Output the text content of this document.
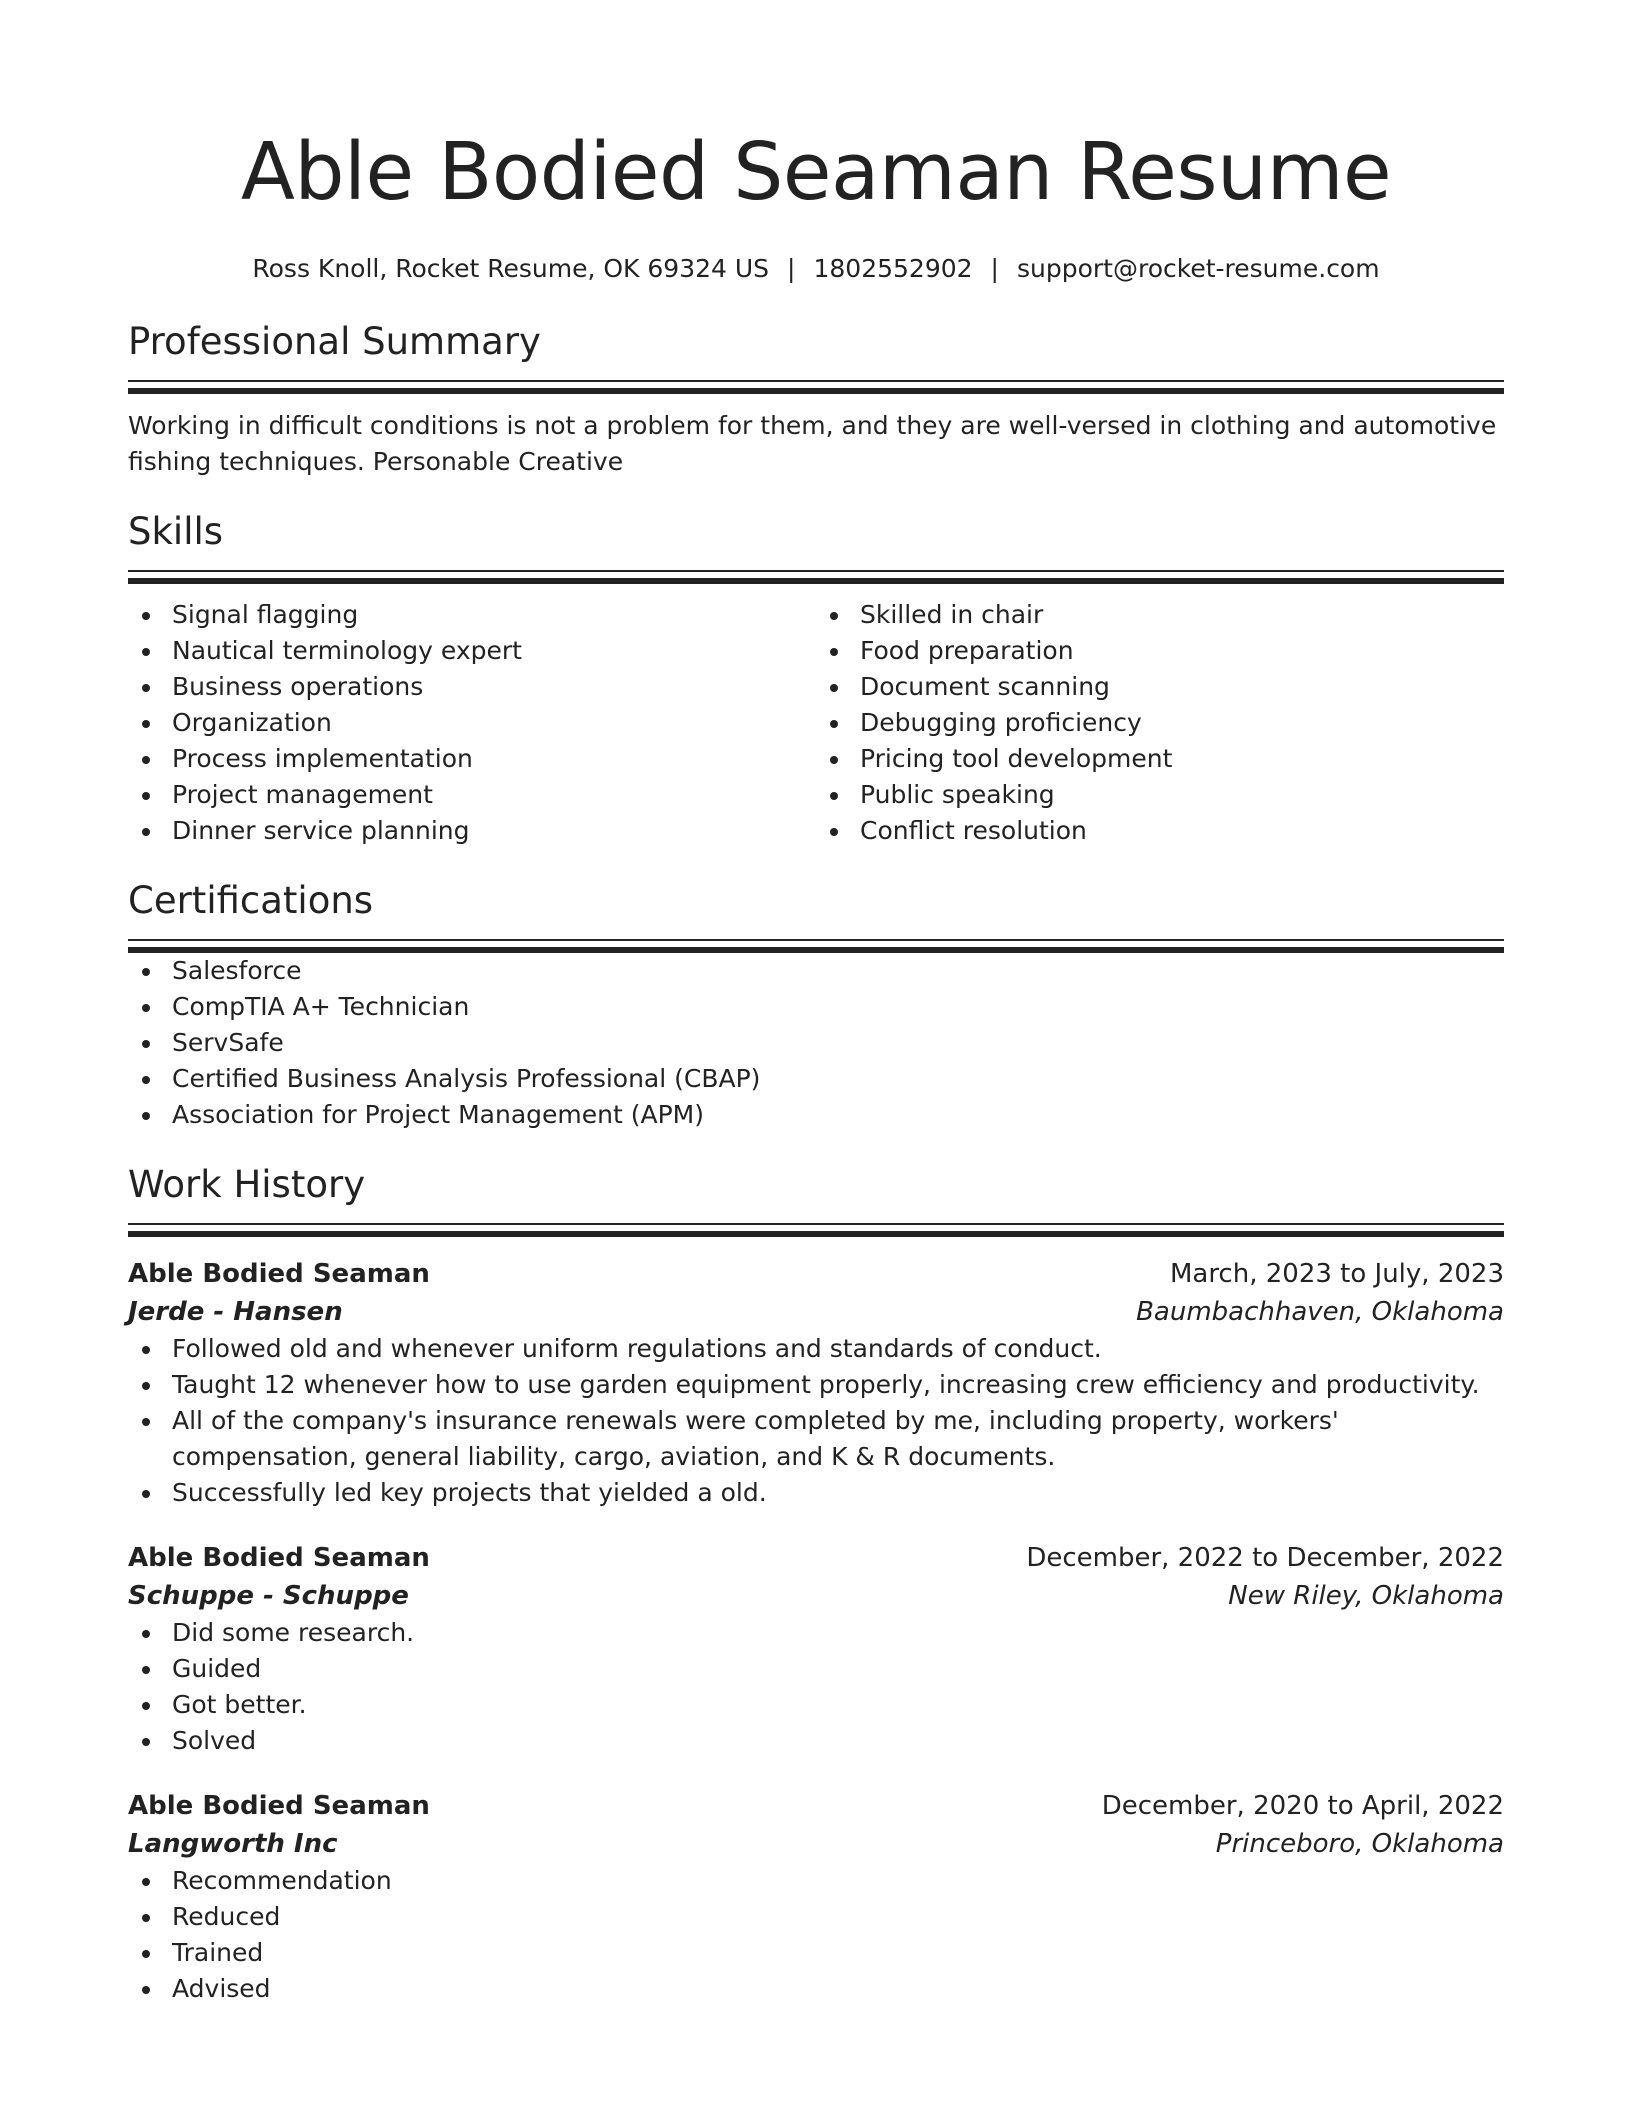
Able Bodied Seaman Resume
Ross Knoll, Rocket Resume, OK 69324 US | 1802552902 | support@rocket-resume.com
Professional Summary
Working in difficult conditions is not a problem for them, and they are well-versed in clothing and automotive fishing techniques. Personable Creative
Skills
Signal flagging
Nautical terminology expert
Business operations
Organization
Process implementation
Project management
Dinner service planning
Skilled in chair
Food preparation
Document scanning
Debugging proficiency
Pricing tool development
Public speaking
Conflict resolution
Certifications
Salesforce
CompTIA A+ Technician
ServSafe
Certified Business Analysis Professional (CBAP)
Association for Project Management (APM)
Work History
Able Bodied Seaman	March, 2023 to July, 2023
Jerde - Hansen	Baumbachhaven, Oklahoma
Followed old and whenever uniform regulations and standards of conduct.
Taught 12 whenever how to use garden equipment properly, increasing crew efficiency and productivity.
All of the company's insurance renewals were completed by me, including property, workers' compensation, general liability, cargo, aviation, and K & R documents.
Successfully led key projects that yielded a old.
Able Bodied Seaman	December, 2022 to December, 2022
Schuppe - Schuppe	New Riley, Oklahoma
Did some research.
Guided
Got better.
Solved
Able Bodied Seaman	December, 2020 to April, 2022
Langworth Inc	Princeboro, Oklahoma
Recommendation
Reduced
Trained
Advised
